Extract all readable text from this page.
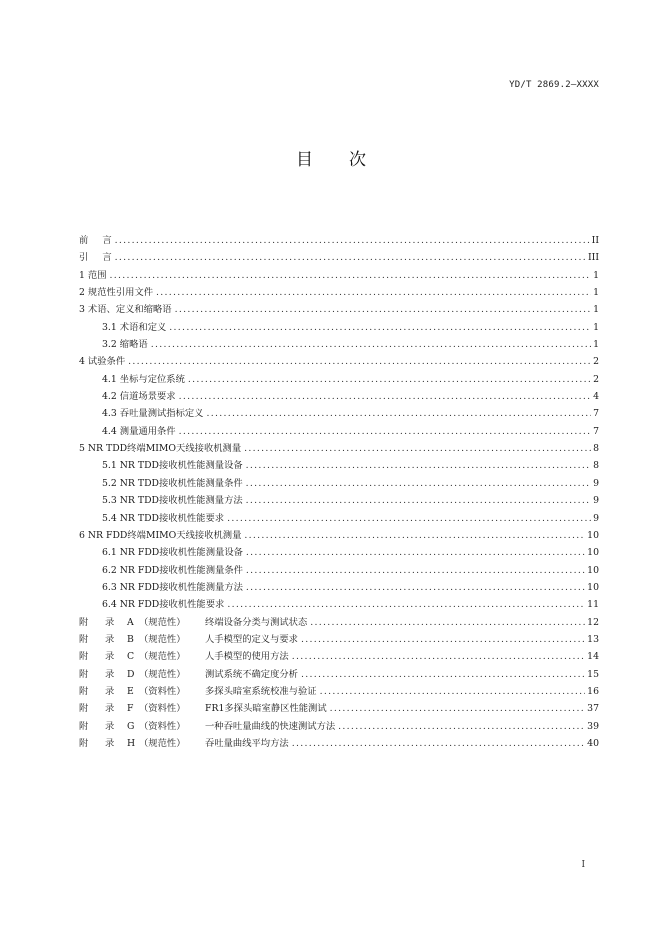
YD/T 2869.2—XXXX
目 次
前 言 .....	II
引 言 .....	III
1 范围 .....	1
2 规范性引用文件 .....	1
3 术语、定义和缩略语 .....	1
3.1 术语和定义 .....	1
3.2 缩略语 .....	1
4 试验条件 .....	2
4.1 坐标与定位系统 .....	2
4.2 信道场景要求 .....	4
4.3 吞吐量测试指标定义 .....	7
4.4 测量通用条件 .....	7
5 NR TDD终端MIMO天线接收机测量 .....	8
5.1 NR TDD接收机性能测量设备 .....	8
5.2 NR TDD接收机性能测量条件 .....	9
5.3 NR TDD接收机性能测量方法 .....	9
5.4 NR TDD接收机性能要求 .....	9
6 NR FDD终端MIMO天线接收机测量 .....	10
6.1 NR FDD接收机性能测量设备 .....	10
6.2 NR FDD接收机性能测量条件 .....	10
6.3 NR FDD接收机性能测量方法 .....	10
6.4 NR FDD接收机性能要求 .....	11
附 录 A （规范性） 终端设备分类与测试状态 .....	12
附 录 B （规范性） 人手模型的定义与要求 .....	13
附 录 C （规范性） 人手模型的使用方法 .....	14
附 录 D （规范性） 测试系统不确定度分析 .....	15
附 录 E （资料性） 多探头暗室系统校准与验证 .....	16
附 录 F （资料性） FR1多探头暗室静区性能测试 .....	37
附 录 G （资料性） 一种吞吐量曲线的快速测试方法 .....	39
附 录 H （规范性） 吞吐量曲线平均方法 .....	40
I
